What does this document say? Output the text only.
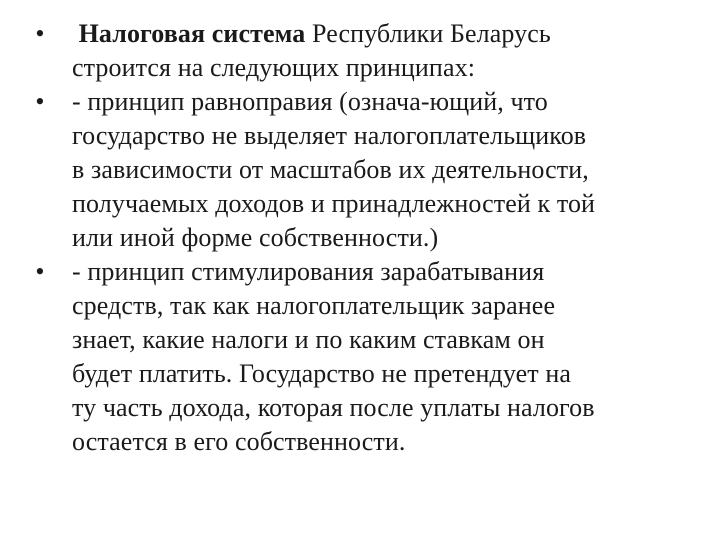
• Налоговая система Республики Беларусь
строится на следующих принципах:
• - принцип равноправия (означа-ющий, что
государство не выделяет налогоплательщиков
в зависимости от масштабов их деятельности,
получаемых доходов и принадлежностей к той
или иной форме собственности.)
• - принцип стимулирования зарабатывания
средств, так как налогоплательщик заранее
знает, какие налоги и по каким ставкам он
будет платить. Государство не претендует на
ту часть дохода, которая после уплаты налогов
остается в его собственности.
